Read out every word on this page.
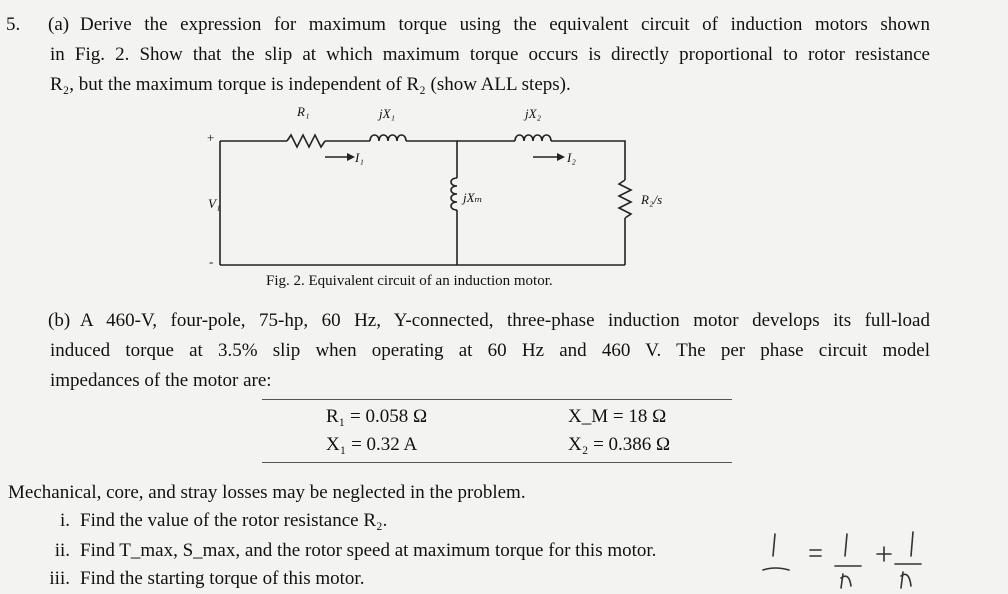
5. (a) Derive the expression for maximum torque using the equivalent circuit of induction motors shown
in Fig. 2. Show that the slip at which maximum torque occurs is directly proportional to rotor resistance
R₂, but the maximum torque is independent of R₂ (show ALL steps).
R₁	jX₁	jX₂
I₁	I₂
jXₘ	R₂/s
V₁
+
-
Fig. 2. Equivalent circuit of an induction motor.
(b) A 460-V, four-pole, 75-hp, 60 Hz, Y-connected, three-phase induction motor develops its full-load
induced torque at 3.5% slip when operating at 60 Hz and 460 V. The per phase circuit model
impedances of the motor are:
R₁ = 0.058 Ω	X_M = 18 Ω
X₁ = 0.32 A	X₂ = 0.386 Ω
Mechanical, core, and stray losses may be neglected in the problem.
i. Find the value of the rotor resistance R₂.
ii. Find T_max, S_max, and the rotor speed at maximum torque for this motor.
iii. Find the starting torque of this motor.
